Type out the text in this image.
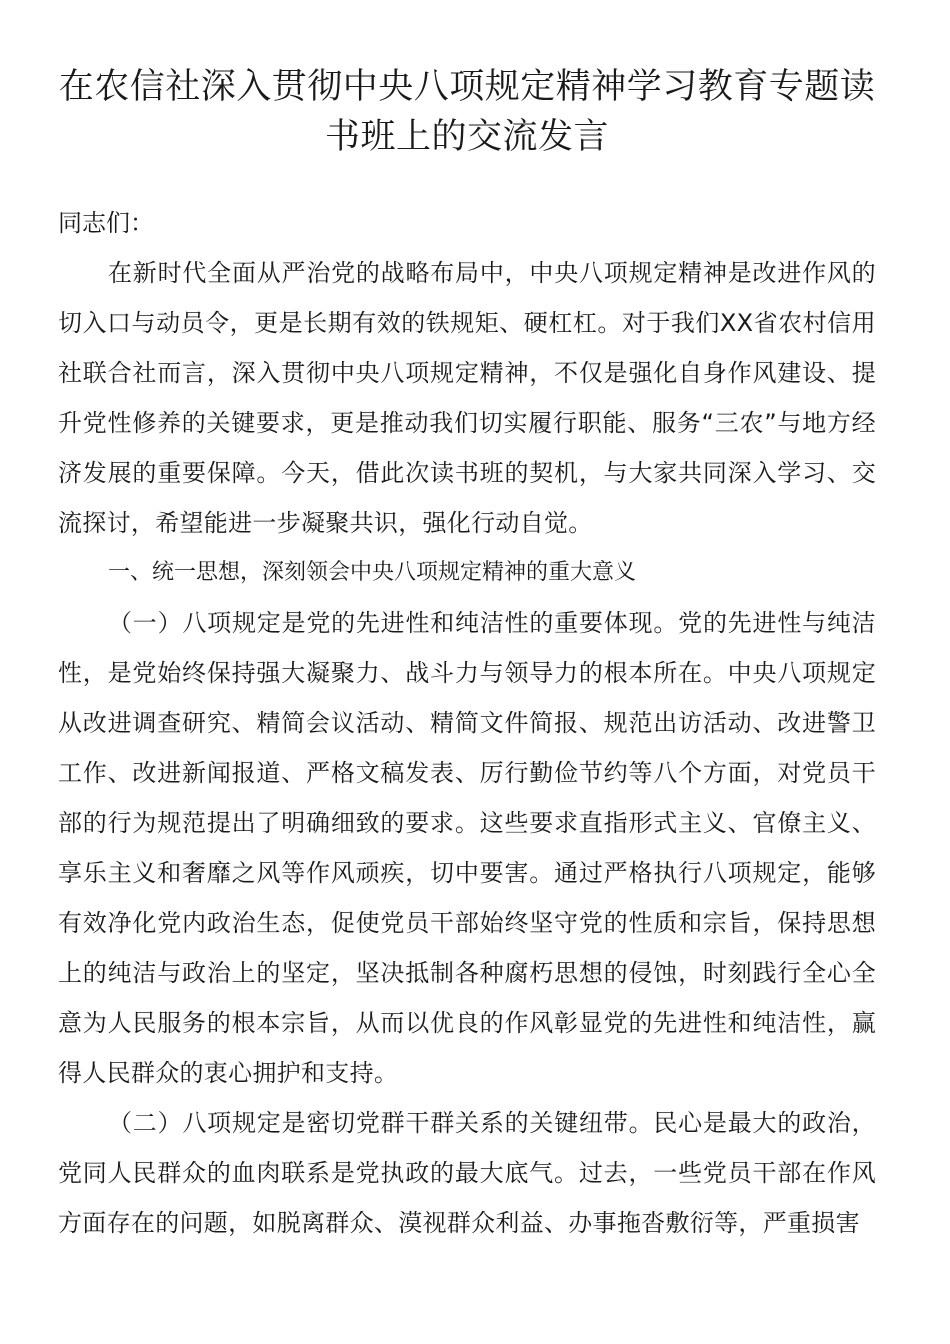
在农信社深入贯彻中央八项规定精神学习教育专题读书班上的交流发言

同志们：

在新时代全面从严治党的战略布局中，中央八项规定精神是改进作风的切入口与动员令，更是长期有效的铁规矩、硬杠杠。对于我们XX省农村信用社联合社而言，深入贯彻中央八项规定精神，不仅是强化自身作风建设、提升党性修养的关键要求，更是推动我们切实履行职能、服务“三农”与地方经济发展的重要保障。今天，借此次读书班的契机，与大家共同深入学习、交流探讨，希望能进一步凝聚共识，强化行动自觉。

一、统一思想，深刻领会中央八项规定精神的重大意义

（一）八项规定是党的先进性和纯洁性的重要体现。党的先进性与纯洁性，是党始终保持强大凝聚力、战斗力与领导力的根本所在。中央八项规定从改进调查研究、精简会议活动、精简文件简报、规范出访活动、改进警卫工作、改进新闻报道、严格文稿发表、厉行勤俭节约等八个方面，对党员干部的行为规范提出了明确细致的要求。这些要求直指形式主义、官僚主义、享乐主义和奢靡之风等作风顽疾，切中要害。通过严格执行八项规定，能够有效净化党内政治生态，促使党员干部始终坚守党的性质和宗旨，保持思想上的纯洁与政治上的坚定，坚决抵制各种腐朽思想的侵蚀，时刻践行全心全意为人民服务的根本宗旨，从而以优良的作风彰显党的先进性和纯洁性，赢得人民群众的衷心拥护和支持。

（二）八项规定是密切党群干群关系的关键纽带。民心是最大的政治，党同人民群众的血肉联系是党执政的最大底气。过去，一些党员干部在作风方面存在的问题，如脱离群众、漠视群众利益、办事拖沓敷衍等，严重损害
